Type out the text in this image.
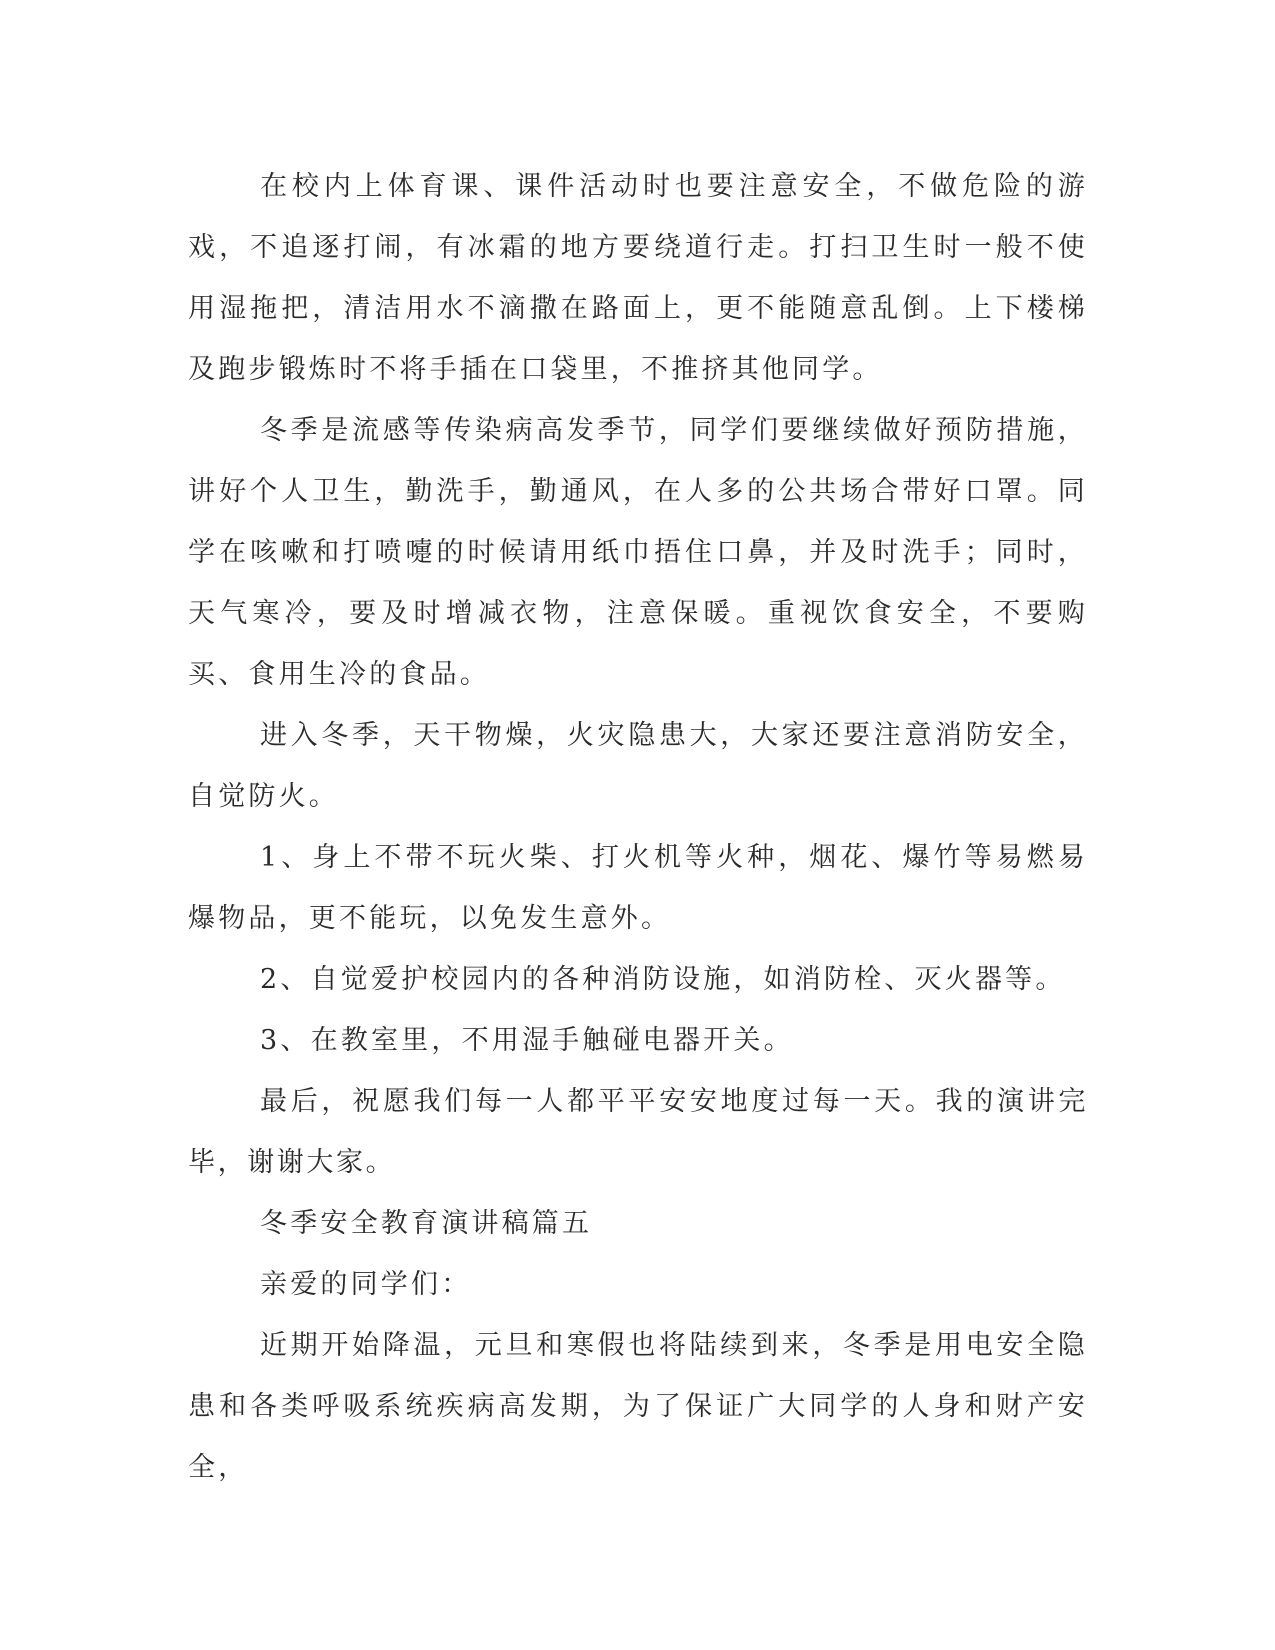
在校内上体育课、课件活动时也要注意安全，不做危险的游戏，不追逐打闹，有冰霜的地方要绕道行走。打扫卫生时一般不使用湿拖把，清洁用水不滴撒在路面上，更不能随意乱倒。上下楼梯及跑步锻炼时不将手插在口袋里，不推挤其他同学。

冬季是流感等传染病高发季节，同学们要继续做好预防措施，讲好个人卫生，勤洗手，勤通风，在人多的公共场合带好口罩。同学在咳嗽和打喷嚏的时候请用纸巾捂住口鼻，并及时洗手；同时，天气寒冷，要及时增减衣物，注意保暖。重视饮食安全，不要购买、食用生冷的食品。

进入冬季，天干物燥，火灾隐患大，大家还要注意消防安全，自觉防火。

1、身上不带不玩火柴、打火机等火种，烟花、爆竹等易燃易爆物品，更不能玩，以免发生意外。

2、自觉爱护校园内的各种消防设施，如消防栓、灭火器等。

3、在教室里，不用湿手触碰电器开关。

最后，祝愿我们每一人都平平安安地度过每一天。我的演讲完毕，谢谢大家。

冬季安全教育演讲稿篇五

亲爱的同学们：

近期开始降温，元旦和寒假也将陆续到来，冬季是用电安全隐患和各类呼吸系统疾病高发期，为了保证广大同学的人身和财产安全，
